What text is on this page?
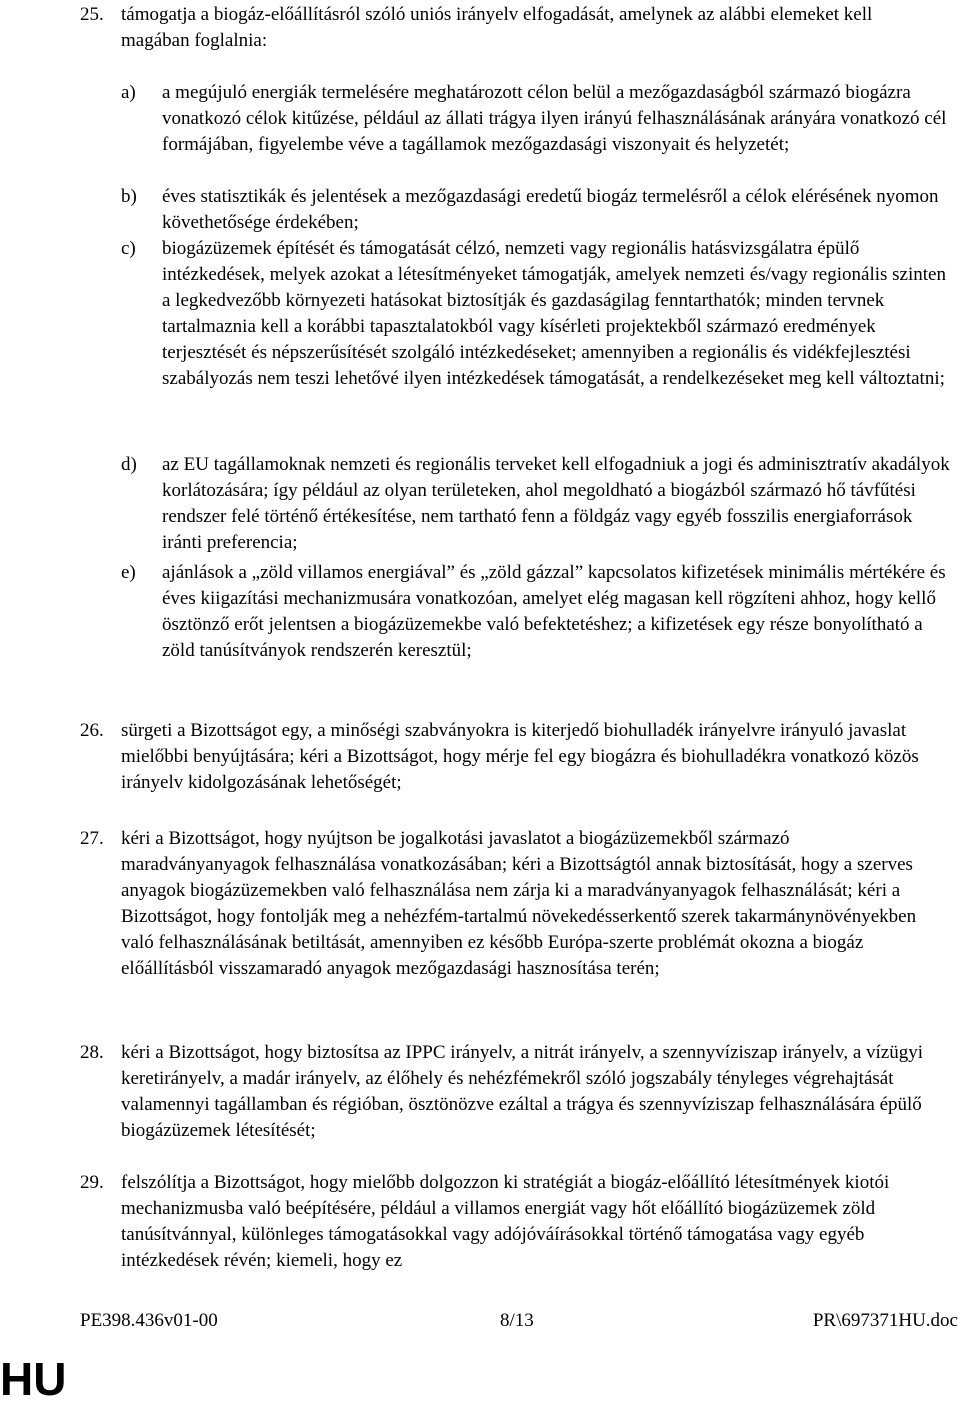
25. támogatja a biogáz-előállításról szóló uniós irányelv elfogadását, amelynek az alábbi elemeket kell magában foglalnia:
a) a megújuló energiák termelésére meghatározott célon belül a mezőgazdaságból származó biogázra vonatkozó célok kitűzése, például az állati trágya ilyen irányú felhasználásának arányára vonatkozó cél formájában, figyelembe véve a tagállamok mezőgazdasági viszonyait és helyzetét;
b) éves statisztikák és jelentések a mezőgazdasági eredetű biogáz termelésről a célok elérésének nyomon követhetősége érdekében;
c) biogázüzemek építését és támogatását célzó, nemzeti vagy regionális hatásvizsgálatra épülő intézkedések, melyek azokat a létesítményeket támogatják, amelyek nemzeti és/vagy regionális szinten a legkedvezőbb környezeti hatásokat biztosítják és gazdaságilag fenntarthatók; minden tervnek tartalmaznia kell a korábbi tapasztalatokból vagy kísérleti projektekből származó eredmények terjesztését és népszerűsítését szolgáló intézkedéseket; amennyiben a regionális és vidékfejlesztési szabályozás nem teszi lehetővé ilyen intézkedések támogatását, a rendelkezéseket meg kell változtatni;
d) az EU tagállamoknak nemzeti és regionális terveket kell elfogadniuk a jogi és adminisztratív akadályok korlátozására; így például az olyan területeken, ahol megoldható a biogázból származó hő távfűtési rendszer felé történő értékesítése, nem tartható fenn a földgáz vagy egyéb fosszilis energiaforrások iránti preferencia;
e) ajánlások a „zöld villamos energiával” és „zöld gázzal” kapcsolatos kifizetések minimális mértékére és éves kiigazítási mechanizmusára vonatkozóan, amelyet elég magasan kell rögzíteni ahhoz, hogy kellő ösztönző erőt jelentsen a biogázüzemekbe való befektetéshez; a kifizetések egy része bonyolítható a zöld tanúsítványok rendszerén keresztül;
26. sürgeti a Bizottságot egy, a minőségi szabványokra is kiterjedő biohulladék irányelvre irányuló javaslat mielőbbi benyújtására; kéri a Bizottságot, hogy mérje fel egy biogázra és biohulladékra vonatkozó közös irányelv kidolgozásának lehetőségét;
27. kéri a Bizottságot, hogy nyújtson be jogalkotási javaslatot a biogázüzemekből származó maradványanyagok felhasználása vonatkozásában; kéri a Bizottságtól annak biztosítását, hogy a szerves anyagok biogázüzemekben való felhasználása nem zárja ki a maradványanyagok felhasználását; kéri a Bizottságot, hogy fontolják meg a nehézfém-tartalmú növekedésserkentő szerek takarmánynövényekben való felhasználásának betiltását, amennyiben ez később Európa-szerte problémát okozna a biogáz előállításból visszamaradó anyagok mezőgazdasági hasznosítása terén;
28. kéri a Bizottságot, hogy biztosítsa az IPPC irányelv, a nitrát irányelv, a szennyvíziszap irányelv, a vízügyi keretirányelv, a madár irányelv, az élőhely és nehézfémekről szóló jogszabály tényleges végrehajtását valamennyi tagállamban és régióban, ösztönözve ezáltal a trágya és szennyvíziszap felhasználására épülő biogázüzemek létesítését;
29. felszólítja a Bizottságot, hogy mielőbb dolgozzon ki stratégiát a biogáz-előállító létesítmények kiotói mechanizmusba való beépítésére, például a villamos energiát vagy hőt előállító biogázüzemek zöld tanúsítvánnyal, különleges támogatásokkal vagy adójóváírásokkal történő támogatása vagy egyéb intézkedések révén; kiemeli, hogy ez
PE398.436v01-00	8/13	PR\697371HU.doc
HU
